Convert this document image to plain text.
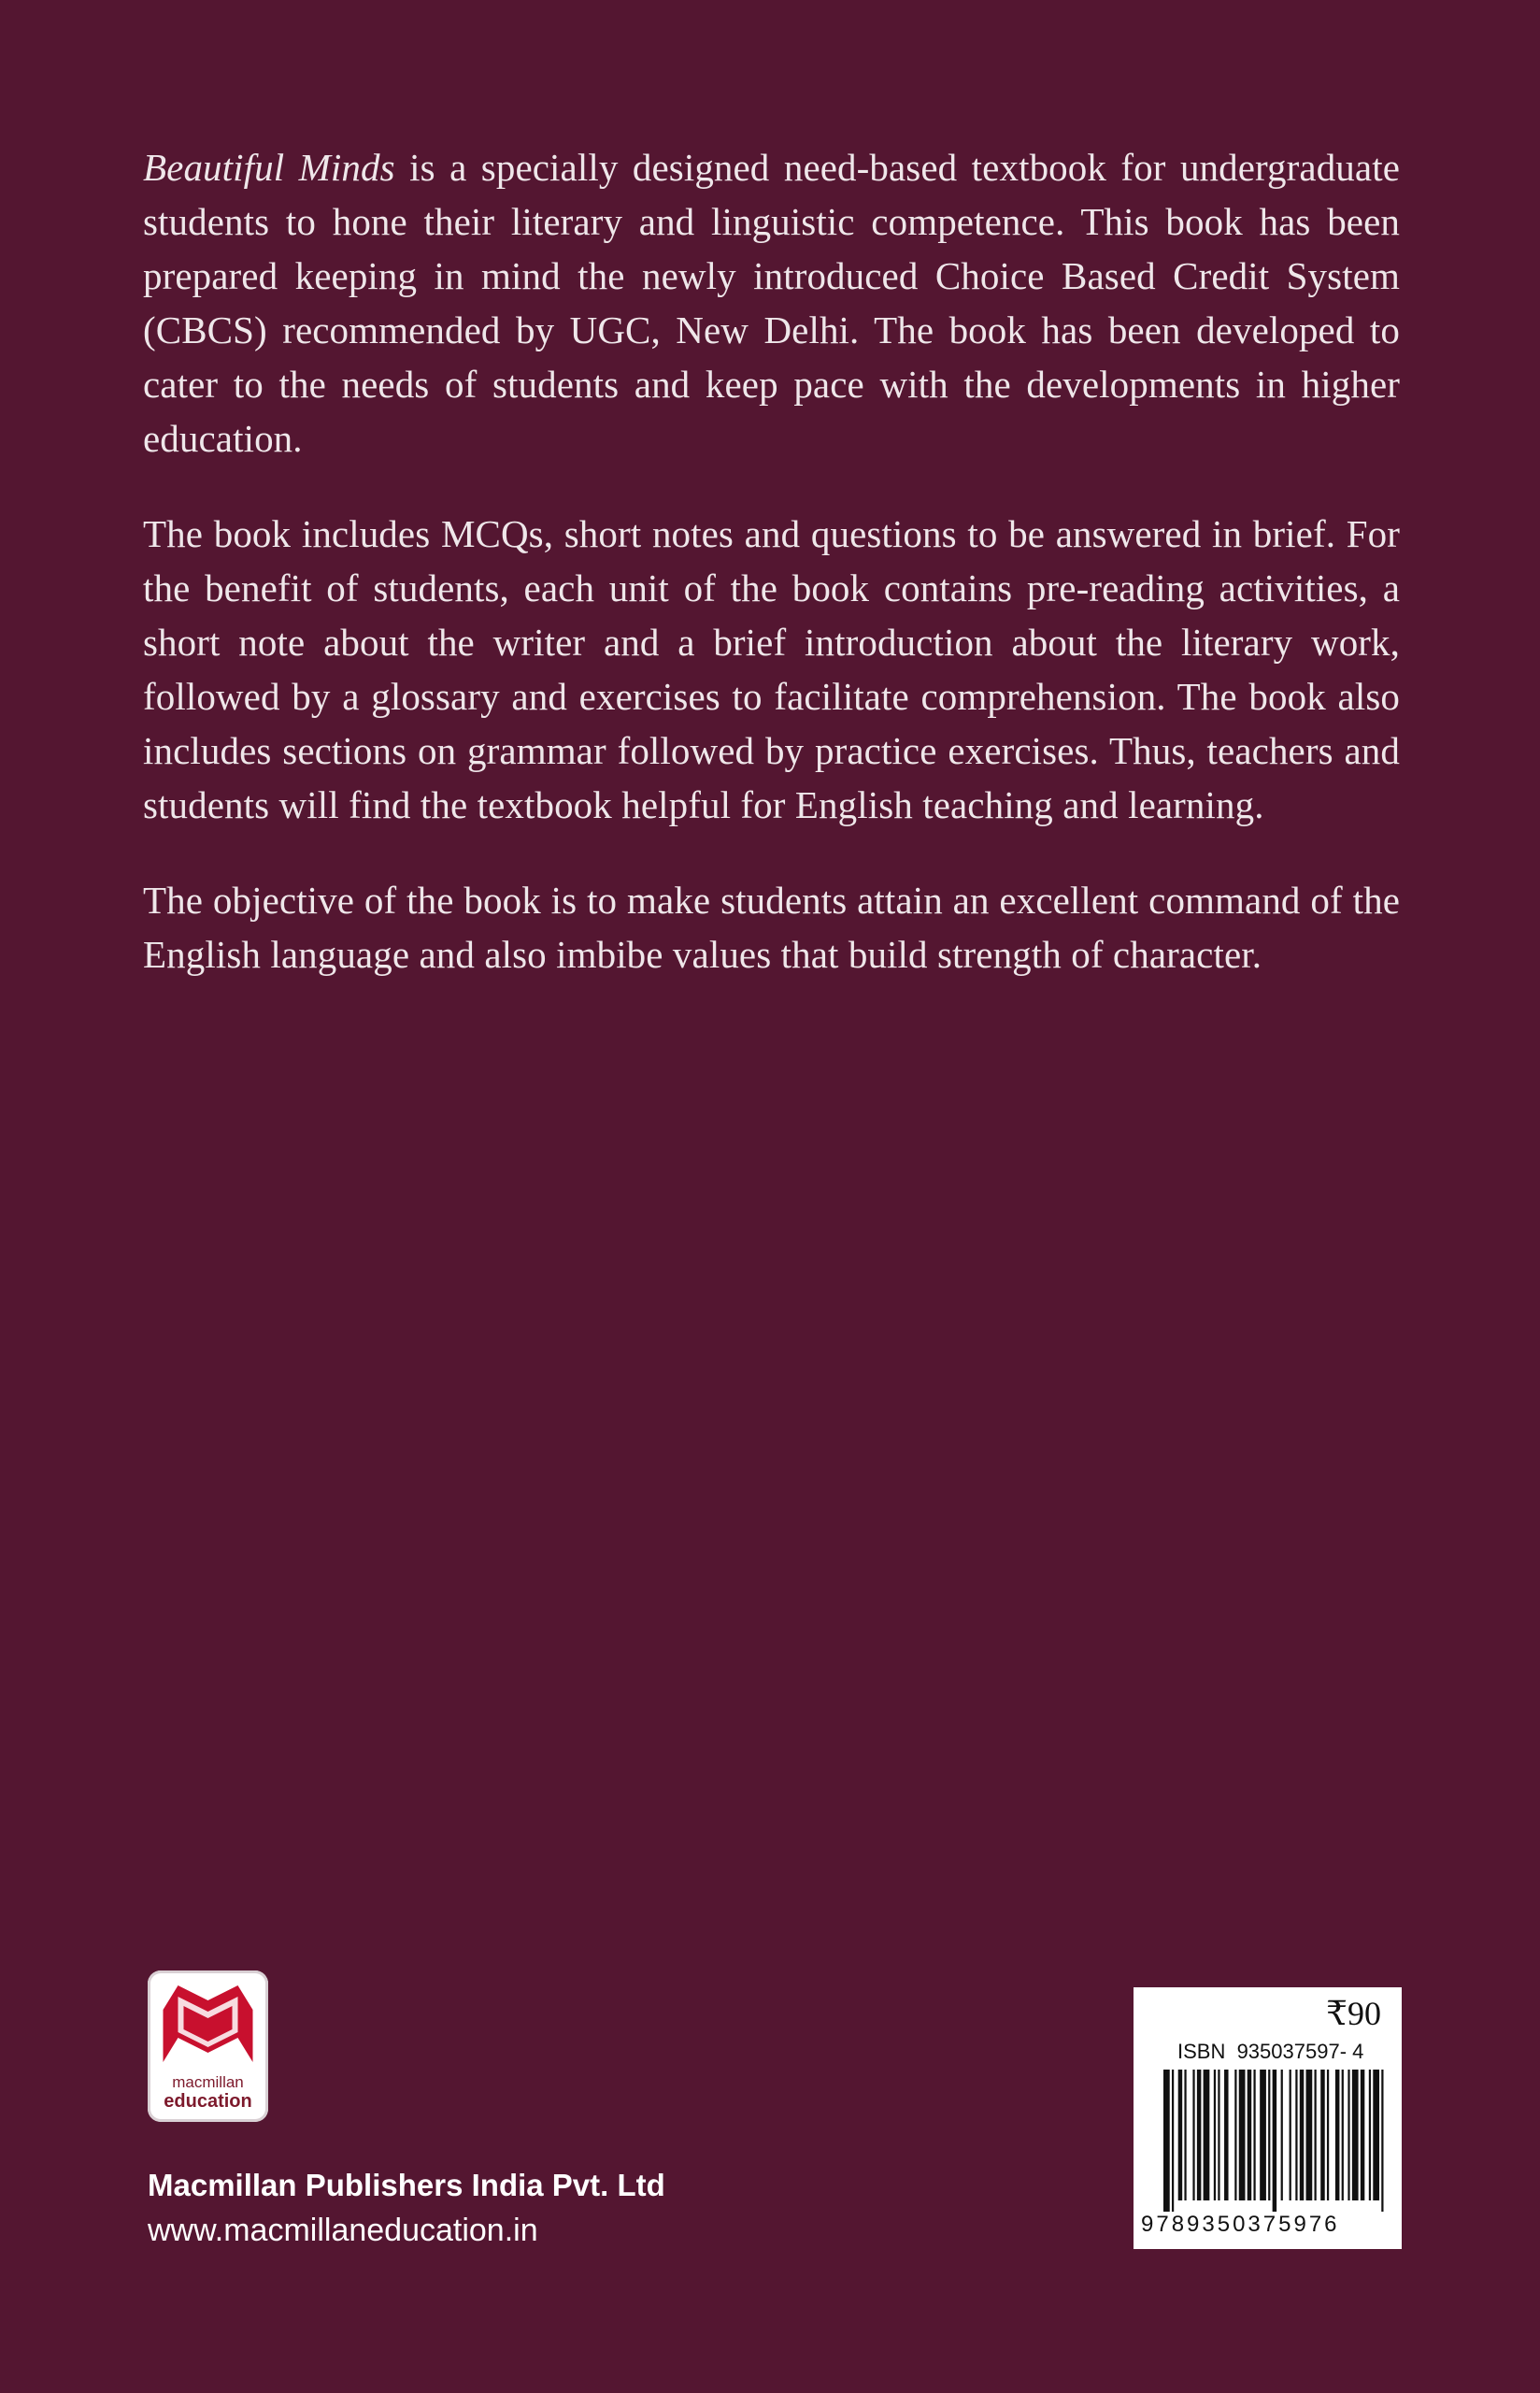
Beautiful Minds is a specially designed need-based textbook for undergraduate students to hone their literary and linguistic competence. This book has been prepared keeping in mind the newly introduced Choice Based Credit System (CBCS) recommended by UGC, New Delhi. The book has been developed to cater to the needs of students and keep pace with the developments in higher education.

The book includes MCQs, short notes and questions to be answered in brief. For the benefit of students, each unit of the book contains pre-reading activities, a short note about the writer and a brief introduction about the literary work, followed by a glossary and exercises to facilitate comprehension. The book also includes sections on grammar followed by practice exercises. Thus, teachers and students will find the textbook helpful for English teaching and learning.

The objective of the book is to make students attain an excellent command of the English language and also imbibe values that build strength of character.

macmillan
education
Macmillan Publishers India Pvt. Ltd
www.macmillaneducation.in
₹90
ISBN  935037597- 4
9789350375976
